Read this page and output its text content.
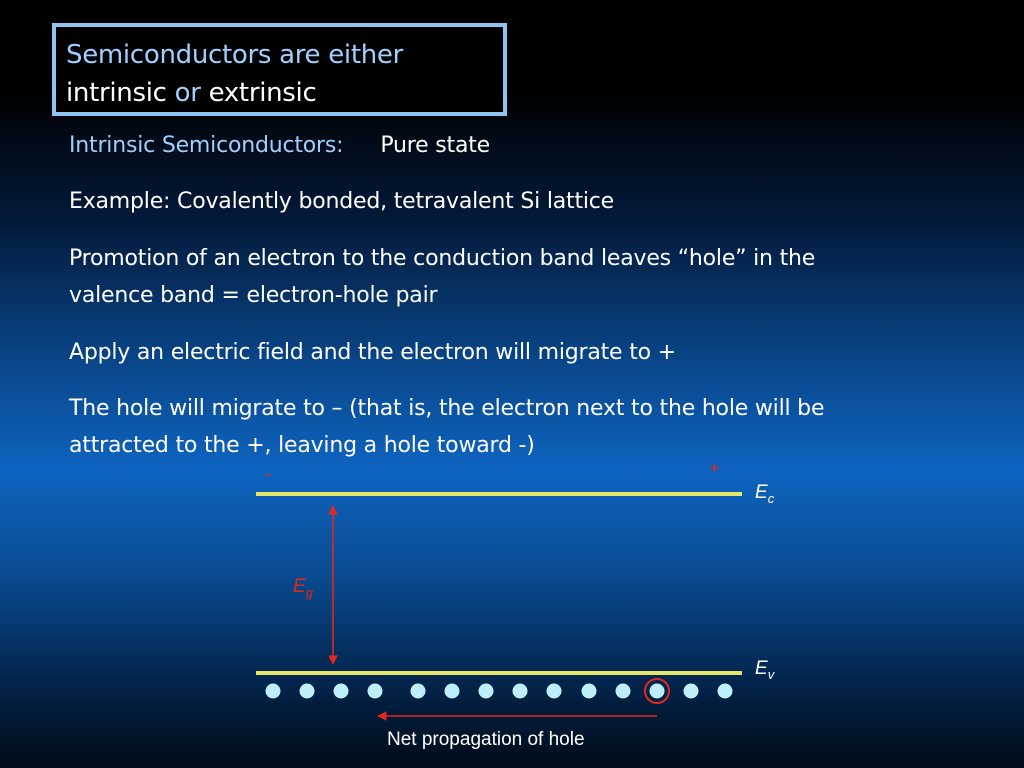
Semiconductors are either
intrinsic or extrinsic
Intrinsic Semiconductors: Pure state
Example: Covalently bonded, tetravalent Si lattice
Promotion of an electron to the conduction band leaves “hole” in the
valence band = electron-hole pair
Apply an electric field and the electron will migrate to +
The hole will migrate to – (that is, the electron next to the hole will be
attracted to the +, leaving a hole toward -)
-	+
$E_c$
$E_g$
$E_v$
Net propagation of hole
